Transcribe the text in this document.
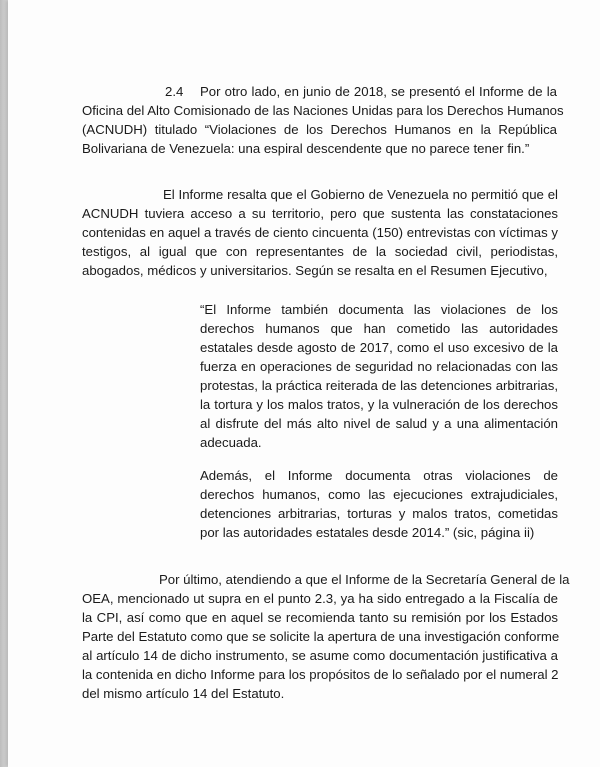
2.4    Por otro lado, en junio de 2018, se presentó el Informe de la
Oficina del Alto Comisionado de las Naciones Unidas para los Derechos Humanos
(ACNUDH) titulado “Violaciones de los Derechos Humanos en la República
Bolivariana de Venezuela: una espiral descendente que no parece tener fin.”
El Informe resalta que el Gobierno de Venezuela no permitió que el
ACNUDH tuviera acceso a su territorio, pero que sustenta las constataciones
contenidas en aquel a través de ciento cincuenta (150) entrevistas con víctimas y
testigos, al igual que con representantes de la sociedad civil, periodistas,
abogados, médicos y universitarios. Según se resalta en el Resumen Ejecutivo,
“El Informe también documenta las violaciones de los
derechos humanos que han cometido las autoridades
estatales desde agosto de 2017, como el uso excesivo de la
fuerza en operaciones de seguridad no relacionadas con las
protestas, la práctica reiterada de las detenciones arbitrarias,
la tortura y los malos tratos, y la vulneración de los derechos
al disfrute del más alto nivel de salud y a una alimentación
adecuada.
Además, el Informe documenta otras violaciones de
derechos humanos, como las ejecuciones extrajudiciales,
detenciones arbitrarias, torturas y malos tratos, cometidas
por las autoridades estatales desde 2014.” (sic, página ii)
Por último, atendiendo a que el Informe de la Secretaría General de la
OEA, mencionado ut supra en el punto 2.3, ya ha sido entregado a la Fiscalía de
la CPI, así como que en aquel se recomienda tanto su remisión por los Estados
Parte del Estatuto como que se solicite la apertura de una investigación conforme
al artículo 14 de dicho instrumento, se asume como documentación justificativa a
la contenida en dicho Informe para los propósitos de lo señalado por el numeral 2
del mismo artículo 14 del Estatuto.
